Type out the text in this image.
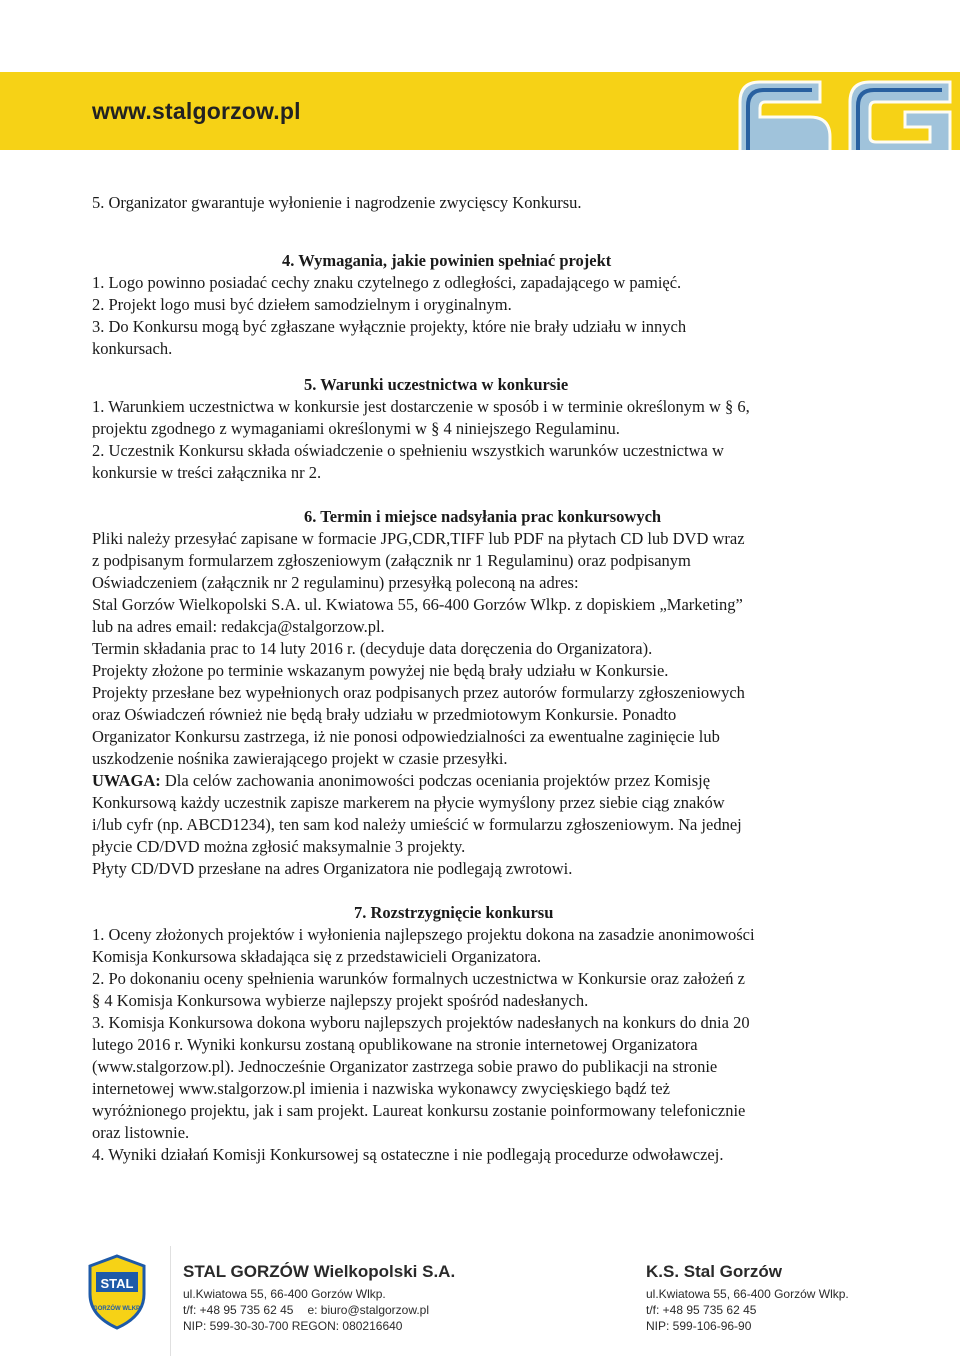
www.stalgorzow.pl
5. Organizator gwarantuje wyłonienie i nagrodzenie zwycięscy Konkursu.
4. Wymagania, jakie powinien spełniać projekt
1. Logo powinno posiadać cechy znaku czytelnego z odległości, zapadającego w pamięć.
2. Projekt logo musi być dziełem samodzielnym i oryginalnym.
3. Do Konkursu mogą być zgłaszane wyłącznie projekty, które nie brały udziału w innych
konkursach.
5. Warunki uczestnictwa w konkursie
1. Warunkiem uczestnictwa w konkursie jest dostarczenie w sposób i w terminie określonym w § 6,
projektu zgodnego z wymaganiami określonymi w § 4 niniejszego Regulaminu.
2. Uczestnik Konkursu składa oświadczenie o spełnieniu wszystkich warunków uczestnictwa w
konkursie w treści załącznika nr 2.
6. Termin i miejsce nadsyłania prac konkursowych
Pliki należy przesyłać zapisane w formacie JPG,CDR,TIFF lub PDF na płytach CD lub DVD wraz
z podpisanym formularzem zgłoszeniowym (załącznik nr 1 Regulaminu) oraz podpisanym
Oświadczeniem (załącznik nr 2 regulaminu) przesyłką poleconą na adres:
Stal Gorzów Wielkopolski S.A. ul. Kwiatowa 55, 66-400 Gorzów Wlkp. z dopiskiem „Marketing”
lub na adres email: redakcja@stalgorzow.pl.
Termin składania prac to 14 luty 2016 r. (decyduje data doręczenia do Organizatora).
Projekty złożone po terminie wskazanym powyżej nie będą brały udziału w Konkursie.
Projekty przesłane bez wypełnionych oraz podpisanych przez autorów formularzy zgłoszeniowych
oraz Oświadczeń również nie będą brały udziału w przedmiotowym Konkursie. Ponadto
Organizator Konkursu zastrzega, iż nie ponosi odpowiedzialności za ewentualne zaginięcie lub
uszkodzenie nośnika zawierającego projekt w czasie przesyłki.
UWAGA: Dla celów zachowania anonimowości podczas oceniania projektów przez Komisję
Konkursową każdy uczestnik zapisze markerem na płycie wymyślony przez siebie ciąg znaków
i/lub cyfr (np. ABCD1234), ten sam kod należy umieścić w formularzu zgłoszeniowym. Na jednej
płycie CD/DVD można zgłosić maksymalnie 3 projekty.
Płyty CD/DVD przesłane na adres Organizatora nie podlegają zwrotowi.
7. Rozstrzygnięcie konkursu
1. Oceny złożonych projektów i wyłonienia najlepszego projektu dokona na zasadzie anonimowości
Komisja Konkursowa składająca się z przedstawicieli Organizatora.
2. Po dokonaniu oceny spełnienia warunków formalnych uczestnictwa w Konkursie oraz założeń z
§ 4 Komisja Konkursowa wybierze najlepszy projekt spośród nadesłanych.
3. Komisja Konkursowa dokona wyboru najlepszych projektów nadesłanych na konkurs do dnia 20
lutego 2016 r. Wyniki konkursu zostaną opublikowane na stronie internetowej Organizatora
(www.stalgorzow.pl). Jednocześnie Organizator zastrzega sobie prawo do publikacji na stronie
internetowej www.stalgorzow.pl imienia i nazwiska wykonawcy zwycięskiego bądź też
wyróżnionego projektu, jak i sam projekt. Laureat konkursu zostanie poinformowany telefonicznie
oraz listownie.
4. Wyniki działań Komisji Konkursowej są ostateczne i nie podlegają procedurze odwoławczej.
STAL
GORZÓW WLKP.
STAL GORZÓW Wielkopolski S.A.
ul.Kwiatowa 55, 66-400 Gorzów Wlkp.
t/f: +48 95 735 62 45 e: biuro@stalgorzow.pl
NIP: 599-30-30-700 REGON: 080216640
K.S. Stal Gorzów
ul.Kwiatowa 55, 66-400 Gorzów Wlkp.
t/f: +48 95 735 62 45
NIP: 599-106-96-90
